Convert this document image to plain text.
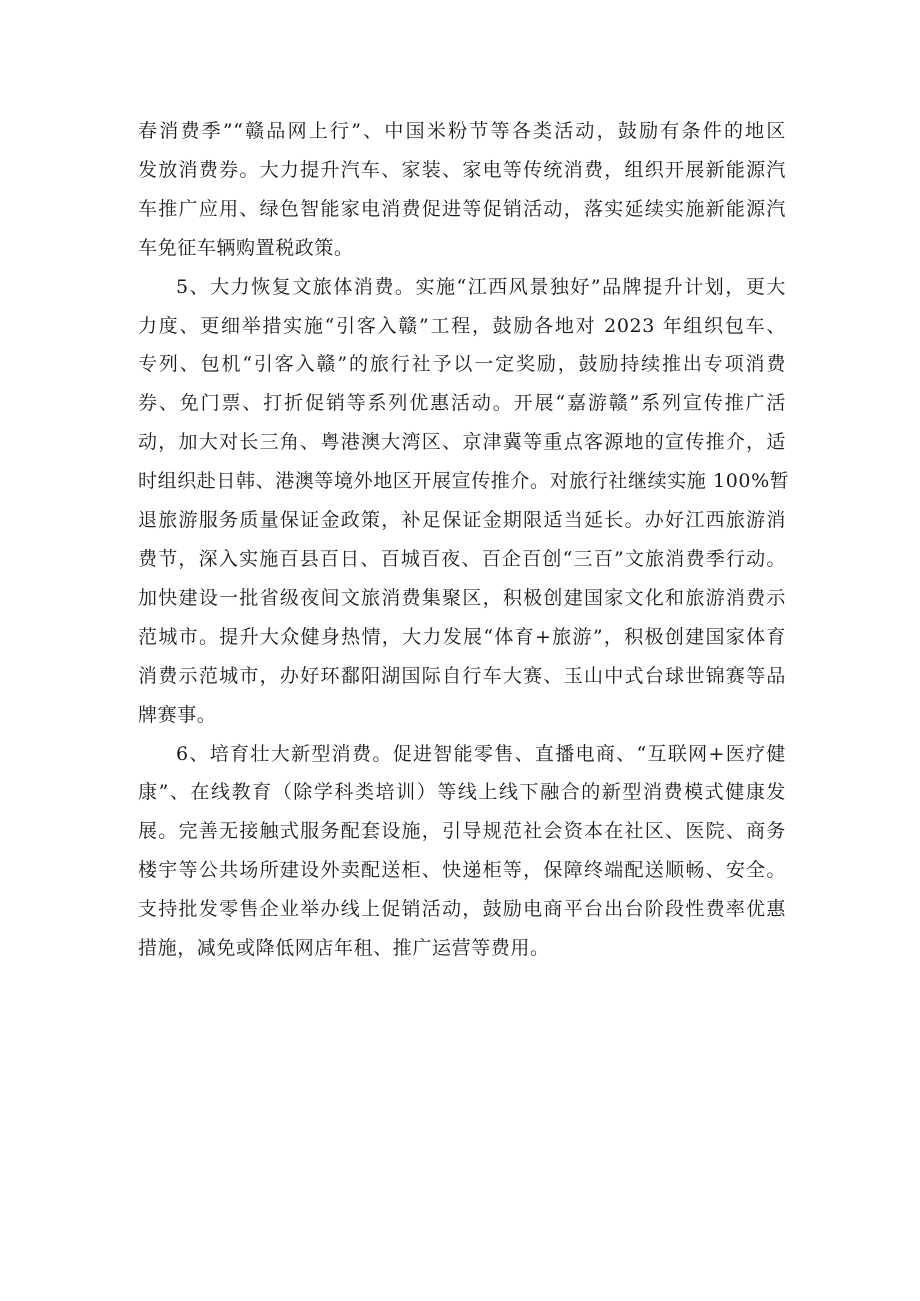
春消费季”“赣品网上行”、中国米粉节等各类活动，鼓励有条件的地区
发放消费券。大力提升汽车、家装、家电等传统消费，组织开展新能源汽
车推广应用、绿色智能家电消费促进等促销活动，落实延续实施新能源汽
车免征车辆购置税政策。

5、大力恢复文旅体消费。实施“江西风景独好”品牌提升计划，更大
力度、更细举措实施“引客入赣”工程，鼓励各地对 2023 年组织包车、
专列、包机“引客入赣”的旅行社予以一定奖励，鼓励持续推出专项消费
券、免门票、打折促销等系列优惠活动。开展“嘉游赣”系列宣传推广活
动，加大对长三角、粤港澳大湾区、京津冀等重点客源地的宣传推介，适
时组织赴日韩、港澳等境外地区开展宣传推介。对旅行社继续实施 100%暂
退旅游服务质量保证金政策，补足保证金期限适当延长。办好江西旅游消
费节，深入实施百县百日、百城百夜、百企百创“三百”文旅消费季行动。
加快建设一批省级夜间文旅消费集聚区，积极创建国家文化和旅游消费示
范城市。提升大众健身热情，大力发展“体育+旅游”，积极创建国家体育
消费示范城市，办好环鄱阳湖国际自行车大赛、玉山中式台球世锦赛等品
牌赛事。

6、培育壮大新型消费。促进智能零售、直播电商、“互联网+医疗健
康”、在线教育（除学科类培训）等线上线下融合的新型消费模式健康发
展。完善无接触式服务配套设施，引导规范社会资本在社区、医院、商务
楼宇等公共场所建设外卖配送柜、快递柜等，保障终端配送顺畅、安全。
支持批发零售企业举办线上促销活动，鼓励电商平台出台阶段性费率优惠
措施，减免或降低网店年租、推广运营等费用。
